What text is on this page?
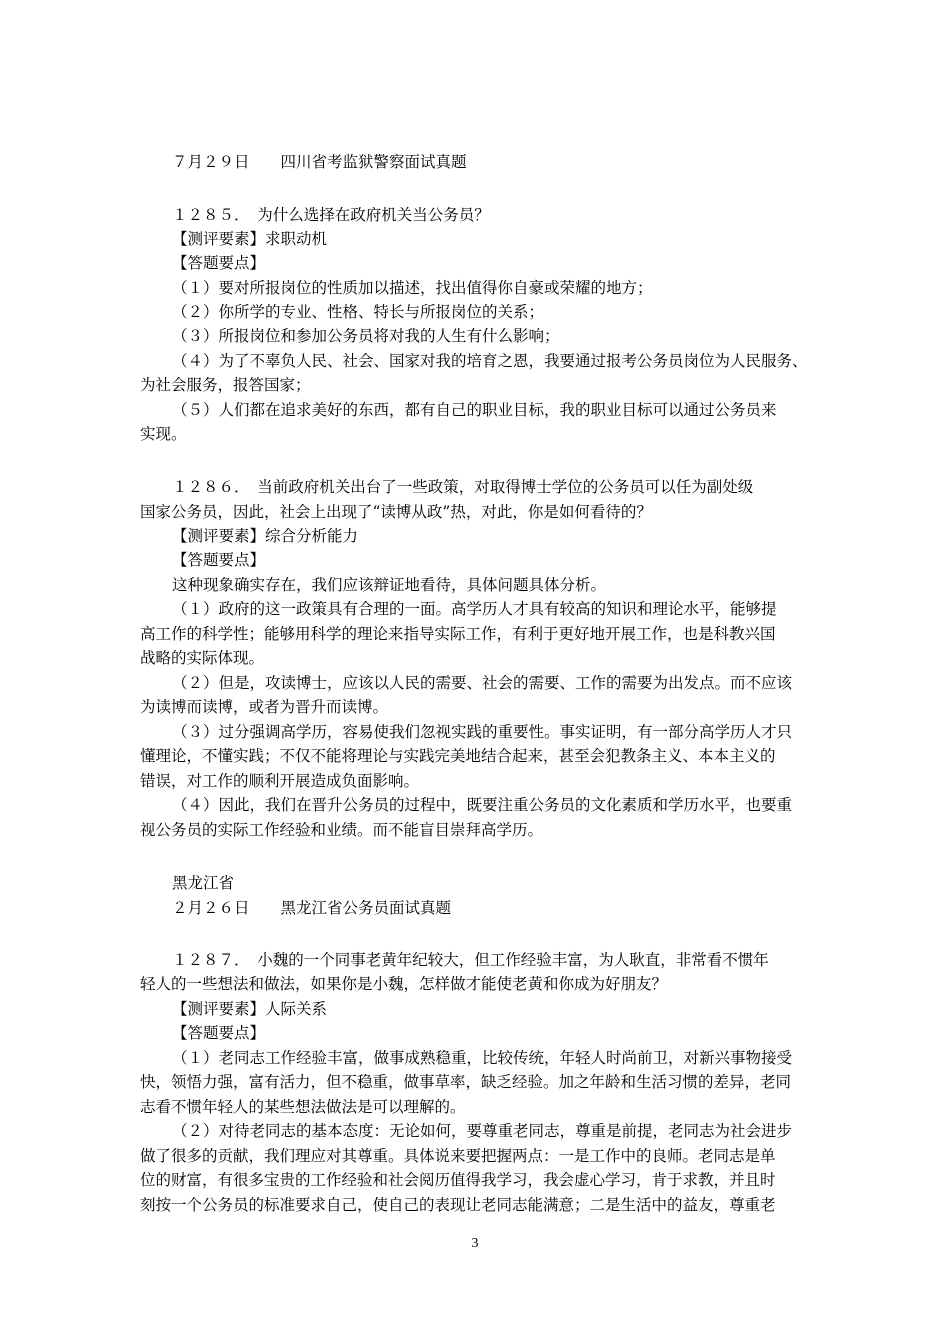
７月２９日　　四川省考监狱警察面试真题
１２８５．　为什么选择在政府机关当公务员？
【测评要素】求职动机
【答题要点】
（１）要对所报岗位的性质加以描述，找出值得你自豪或荣耀的地方；
（２）你所学的专业、性格、特长与所报岗位的关系；
（３）所报岗位和参加公务员将对我的人生有什么影响；
（４）为了不辜负人民、社会、国家对我的培育之恩，我要通过报考公务员岗位为人民服务、
为社会服务，报答国家；
（５）人们都在追求美好的东西，都有自己的职业目标，我的职业目标可以通过公务员来
实现。
１２８６．　当前政府机关出台了一些政策，对取得博士学位的公务员可以任为副处级
国家公务员，因此，社会上出现了“读博从政”热，对此，你是如何看待的？
【测评要素】综合分析能力
【答题要点】
这种现象确实存在，我们应该辩证地看待，具体问题具体分析。
（１）政府的这一政策具有合理的一面。高学历人才具有较高的知识和理论水平，能够提
高工作的科学性；能够用科学的理论来指导实际工作，有利于更好地开展工作，也是科教兴国
战略的实际体现。
（２）但是，攻读博士，应该以人民的需要、社会的需要、工作的需要为出发点。而不应该
为读博而读博，或者为晋升而读博。
（３）过分强调高学历，容易使我们忽视实践的重要性。事实证明，有一部分高学历人才只
懂理论，不懂实践；不仅不能将理论与实践完美地结合起来，甚至会犯教条主义、本本主义的
错误，对工作的顺利开展造成负面影响。
（４）因此，我们在晋升公务员的过程中，既要注重公务员的文化素质和学历水平，也要重
视公务员的实际工作经验和业绩。而不能盲目崇拜高学历。
黑龙江省
２月２６日　　黑龙江省公务员面试真题
１２８７．　小魏的一个同事老黄年纪较大，但工作经验丰富，为人耿直，非常看不惯年
轻人的一些想法和做法，如果你是小魏，怎样做才能使老黄和你成为好朋友？
【测评要素】人际关系
【答题要点】
（１）老同志工作经验丰富，做事成熟稳重，比较传统，年轻人时尚前卫，对新兴事物接受
快，领悟力强，富有活力，但不稳重，做事草率，缺乏经验。加之年龄和生活习惯的差异，老同
志看不惯年轻人的某些想法做法是可以理解的。
（２）对待老同志的基本态度：无论如何，要尊重老同志，尊重是前提，老同志为社会进步
做了很多的贡献，我们理应对其尊重。具体说来要把握两点：一是工作中的良师。老同志是单
位的财富，有很多宝贵的工作经验和社会阅历值得我学习，我会虚心学习，肯于求教，并且时
刻按一个公务员的标准要求自己，使自己的表现让老同志能满意；二是生活中的益友，尊重老
3
